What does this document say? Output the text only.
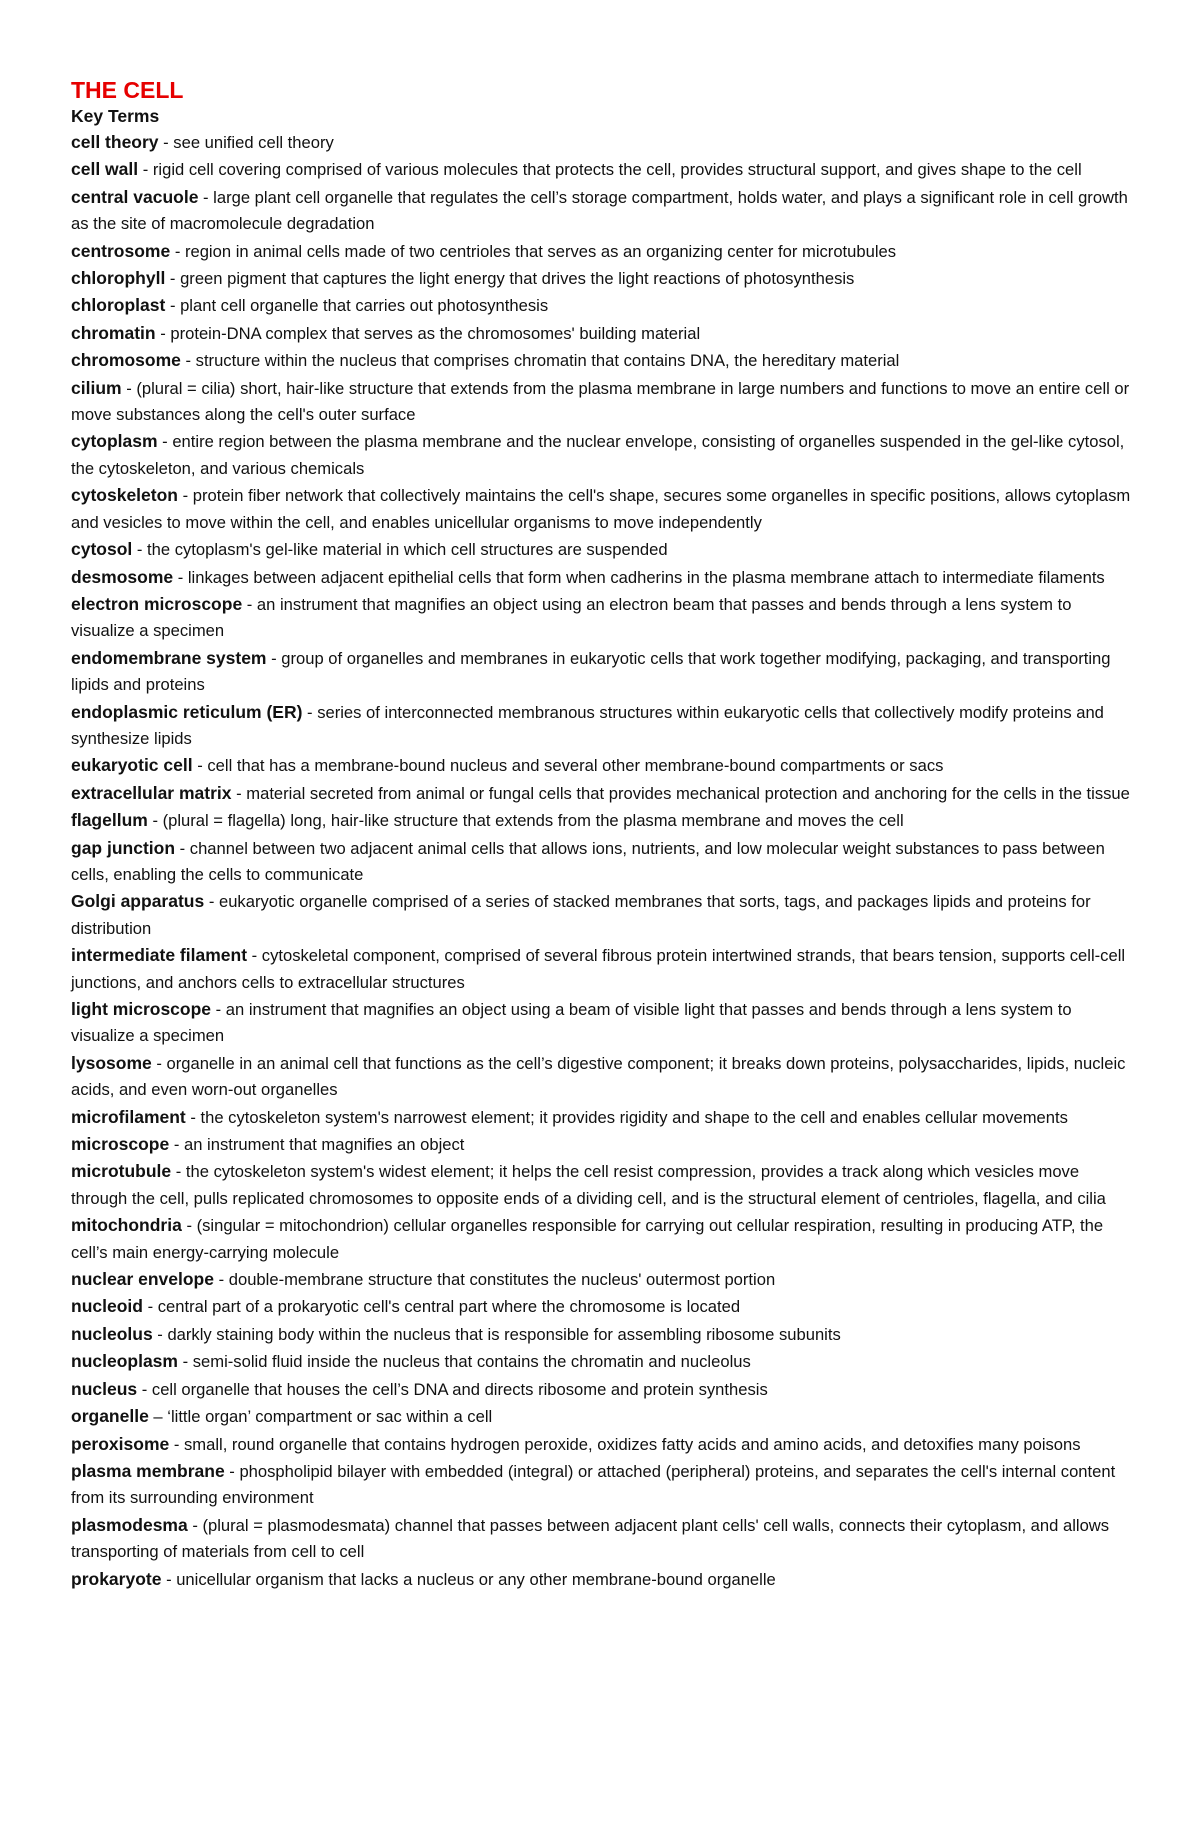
THE CELL
Key Terms

cell theory - see unified cell theory

cell wall - rigid cell covering comprised of various molecules that protects the cell, provides structural support, and gives shape to the cell

central vacuole - large plant cell organelle that regulates the cell’s storage compartment, holds water, and plays a significant role in cell growth as the site of macromolecule degradation

centrosome - region in animal cells made of two centrioles that serves as an organizing center for microtubules

chlorophyll - green pigment that captures the light energy that drives the light reactions of photosynthesis

chloroplast - plant cell organelle that carries out photosynthesis

chromatin - protein-DNA complex that serves as the chromosomes' building material

chromosome - structure within the nucleus that comprises chromatin that contains DNA, the hereditary material

cilium - (plural = cilia) short, hair-like structure that extends from the plasma membrane in large numbers and functions to move an entire cell or move substances along the cell's outer surface

cytoplasm - entire region between the plasma membrane and the nuclear envelope, consisting of organelles suspended in the gel-like cytosol, the cytoskeleton, and various chemicals

cytoskeleton - protein fiber network that collectively maintains the cell's shape, secures some organelles in specific positions, allows cytoplasm and vesicles to move within the cell, and enables unicellular organisms to move independently

cytosol - the cytoplasm's gel-like material in which cell structures are suspended

desmosome - linkages between adjacent epithelial cells that form when cadherins in the plasma membrane attach to intermediate filaments

electron microscope - an instrument that magnifies an object using an electron beam that passes and bends through a lens system to visualize a specimen

endomembrane system - group of organelles and membranes in eukaryotic cells that work together modifying, packaging, and transporting lipids and proteins

endoplasmic reticulum (ER) - series of interconnected membranous structures within eukaryotic cells that collectively modify proteins and synthesize lipids

eukaryotic cell - cell that has a membrane-bound nucleus and several other membrane-bound compartments or sacs

extracellular matrix - material secreted from animal or fungal cells that provides mechanical protection and anchoring for the cells in the tissue

flagellum - (plural = flagella) long, hair-like structure that extends from the plasma membrane and moves the cell

gap junction - channel between two adjacent animal cells that allows ions, nutrients, and low molecular weight substances to pass between cells, enabling the cells to communicate

Golgi apparatus - eukaryotic organelle comprised of a series of stacked membranes that sorts, tags, and packages lipids and proteins for distribution

intermediate filament - cytoskeletal component, comprised of several fibrous protein intertwined strands, that bears tension, supports cell-cell junctions, and anchors cells to extracellular structures

light microscope - an instrument that magnifies an object using a beam of visible light that passes and bends through a lens system to visualize a specimen

lysosome - organelle in an animal cell that functions as the cell’s digestive component; it breaks down proteins, polysaccharides, lipids, nucleic acids, and even worn-out organelles

microfilament - the cytoskeleton system's narrowest element; it provides rigidity and shape to the cell and enables cellular movements

microscope - an instrument that magnifies an object

microtubule - the cytoskeleton system's widest element; it helps the cell resist compression, provides a track along which vesicles move through the cell, pulls replicated chromosomes to opposite ends of a dividing cell, and is the structural element of centrioles, flagella, and cilia

mitochondria - (singular = mitochondrion) cellular organelles responsible for carrying out cellular respiration, resulting in producing ATP, the cell’s main energy-carrying molecule

nuclear envelope - double-membrane structure that constitutes the nucleus' outermost portion

nucleoid - central part of a prokaryotic cell's central part where the chromosome is located

nucleolus - darkly staining body within the nucleus that is responsible for assembling ribosome subunits

nucleoplasm - semi-solid fluid inside the nucleus that contains the chromatin and nucleolus

nucleus - cell organelle that houses the cell’s DNA and directs ribosome and protein synthesis

organelle – ‘little organ’ compartment or sac within a cell

peroxisome - small, round organelle that contains hydrogen peroxide, oxidizes fatty acids and amino acids, and detoxifies many poisons

plasma membrane - phospholipid bilayer with embedded (integral) or attached (peripheral) proteins, and separates the cell's internal content from its surrounding environment

plasmodesma - (plural = plasmodesmata) channel that passes between adjacent plant cells' cell walls, connects their cytoplasm, and allows transporting of materials from cell to cell

prokaryote - unicellular organism that lacks a nucleus or any other membrane-bound organelle
